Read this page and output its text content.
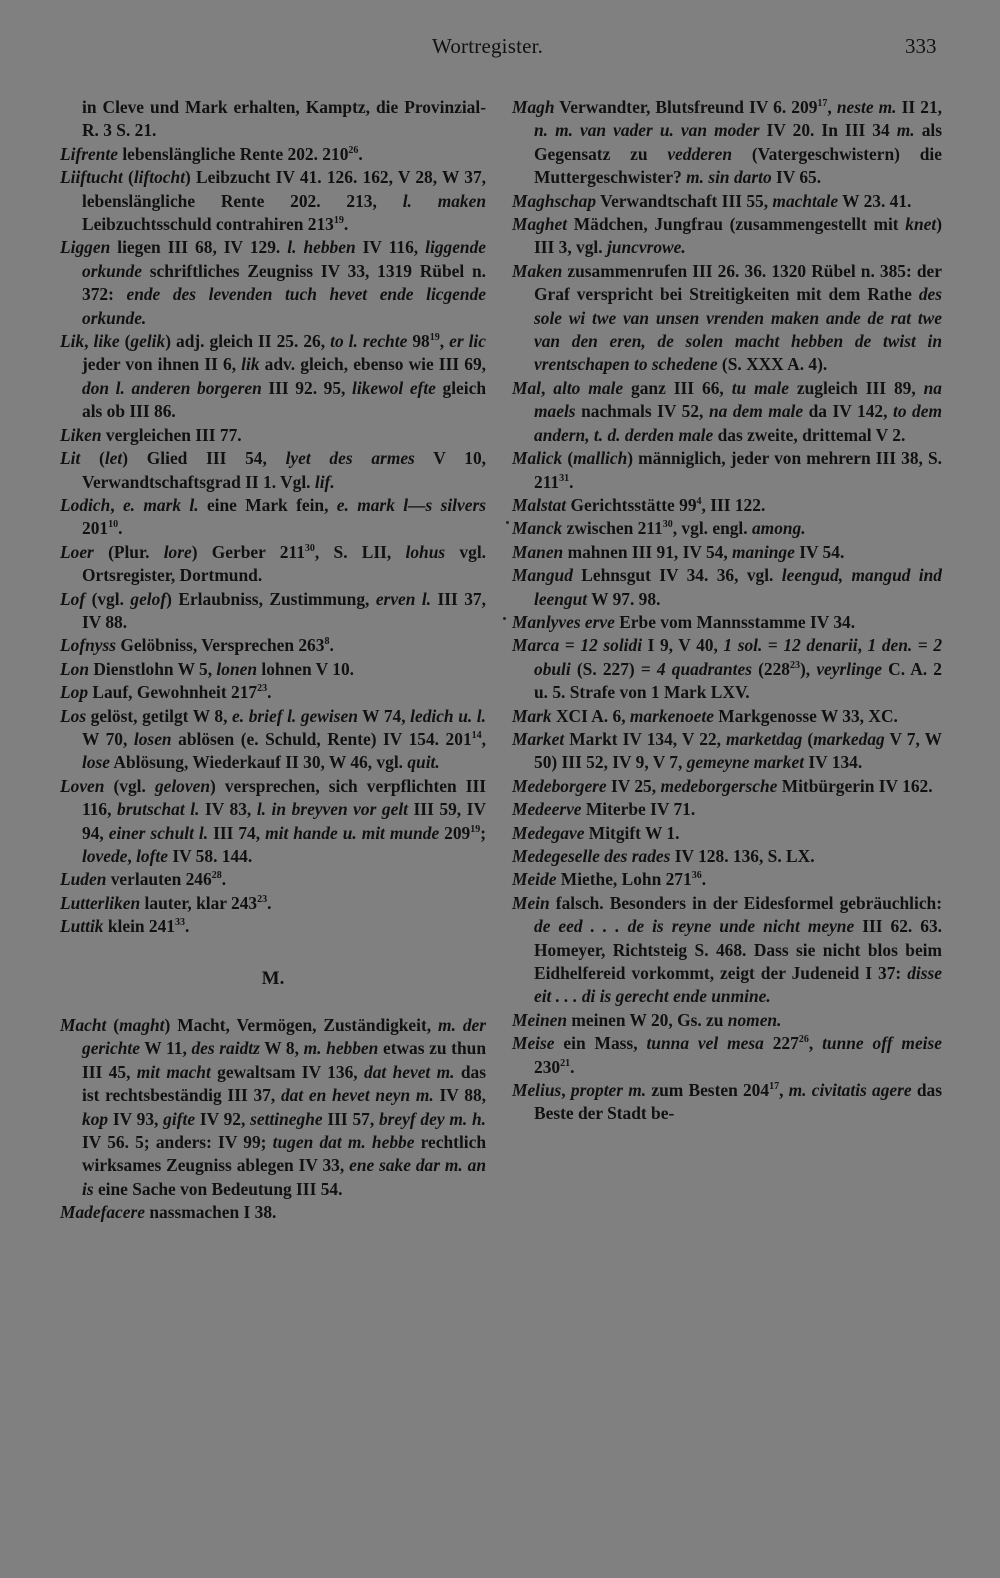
Wortregister.	333

in Cleve und Mark erhalten, Kamptz, die Provinzial-R. 3 S. 21.

Lifrente lebenslängliche Rente 202. $210^{26}$.

Liiftucht (liftocht) Leibzucht IV 41. 126. 162, V 28, W 37, lebenslängliche Rente 202. 213, l. maken Leibzuchtsschuld contrahiren $213^{19}$.

Liggen liegen III 68, IV 129. l. hebben IV 116, liggende orkunde schriftliches Zeugniss IV 33, 1319 Rübel n. 372: ende des levenden tuch hevet ende licgende orkunde.

Lik, like (gelik) adj. gleich II 25. 26, to l. rechte $98^{19}$, er lic jeder von ihnen II 6, lik adv. gleich, ebenso wie III 69, don l. anderen borgeren III 92. 95, likewol efte gleich als ob III 86.

Liken vergleichen III 77.

Lit (let) Glied III 54, lyet des armes V 10, Verwandtschaftsgrad II 1. Vgl. lif.

Lodich, e. mark l. eine Mark fein, e. mark l—s silvers $201^{10}$.

Loer (Plur. lore) Gerber $211^{30}$, S. LII, lohus vgl. Ortsregister, Dortmund.

Lof (vgl. gelof) Erlaubniss, Zustimmung, erven l. III 37, IV 88.

Lofnyss Gelöbniss, Versprechen $263^8$.

Lon Dienstlohn W 5, lonen lohnen V 10.

Lop Lauf, Gewohnheit $217^{23}$.

Los gelöst, getilgt W 8, e. brief l. gewisen W 74, ledich u. l. W 70, losen ablösen (e. Schuld, Rente) IV 154. $201^{14}$, lose Ablösung, Wiederkauf II 30, W 46, vgl. quit.

Loven (vgl. geloven) versprechen, sich verpflichten III 116, brutschat l. IV 83, l. in breyven vor gelt III 59, IV 94, einer schult l. III 74, mit hande u. mit munde $209^{19}$; lovede, lofte IV 58. 144.

Luden verlauten $246^{28}$.

Lutterliken lauter, klar $243^{23}$.

Luttik klein $241^{33}$.

M.

Macht (maght) Macht, Vermögen, Zuständigkeit, m. der gerichte W 11, des raidtz W 8, m. hebben etwas zu thun III 45, mit macht gewaltsam IV 136, dat hevet m. das ist rechtsbeständig III 37, dat en hevet neyn m. IV 88, kop IV 93, gifte IV 92, settineghe III 57, breyf dey m. h. IV 56. 5; anders: IV 99; tugen dat m. hebbe rechtlich wirksames Zeugniss ablegen IV 33, ene sake dar m. an is eine Sache von Bedeutung III 54.

Madefacere nassmachen I 38.

Magh Verwandter, Blutsfreund IV 6. $209^{17}$, neste m. II 21, n. m. van vader u. van moder IV 20. In III 34 m. als Gegensatz zu vedderen (Vatergeschwistern) die Muttergeschwister? m. sin darto IV 65.

Maghschap Verwandtschaft III 55, machtale W 23. 41.

Maghet Mädchen, Jungfrau (zusammengestellt mit knet) III 3, vgl. juncvrowe.

Maken zusammenrufen III 26. 36. 1320 Rübel n. 385: der Graf verspricht bei Streitigkeiten mit dem Rathe des sole wi twe van unsen vrenden maken ande de rat twe van den eren, de solen macht hebben de twist in vrentschapen to schedene (S. XXX A. 4).

Mal, alto male ganz III 66, tu male zugleich III 89, na maels nachmals IV 52, na dem male da IV 142, to dem andern, t. d. derden male das zweite, drittemal V 2.

Malick (mallich) männiglich, jeder von mehrern III 38, S. $211^{31}$.

Malstat Gerichtsstätte $99^4$, III 122.

Manck zwischen $211^{30}$, vgl. engl. among.

Manen mahnen III 91, IV 54, maninge IV 54.

Mangud Lehnsgut IV 34. 36, vgl. leengud, mangud ind leengut W 97. 98.

Manlyves erve Erbe vom Mannsstamme IV 34.

Marca = 12 solidi I 9, V 40, 1 sol. = 12 denarii, 1 den. = 2 obuli (S. 227) = 4 quadrantes $(228^{23})$, veyrlinge C. A. 2 u. 5. Strafe von 1 Mark LXV.

Mark XCI A. 6, markenoete Markgenosse W 33, XC.

Market Markt IV 134, V 22, marketdag (markedag V 7, W 50) III 52, IV 9, V 7, gemeyne market IV 134.

Medeborgere IV 25, medeborgersche Mitbürgerin IV 162.

Medeerve Miterbe IV 71.

Medegave Mitgift W 1.

Medegeselle des rades IV 128. 136, S. LX.

Meide Miethe, Lohn $271^{36}$.

Mein falsch. Besonders in der Eidesformel gebräuchlich: de eed . . . de is reyne unde nicht meyne III 62. 63. Homeyer, Richtsteig S. 468. Dass sie nicht blos beim Eidhelfereid vorkommt, zeigt der Judeneid I 37: disse eit . . . di is gerecht ende unmine.

Meinen meinen W 20, Gs. zu nomen.

Meise ein Mass, tunna vel mesa $227^{26}$, tunne off meise $230^{21}$.

Melius, propter m. zum Besten $204^{17}$, m. civitatis agere das Beste der Stadt be-
